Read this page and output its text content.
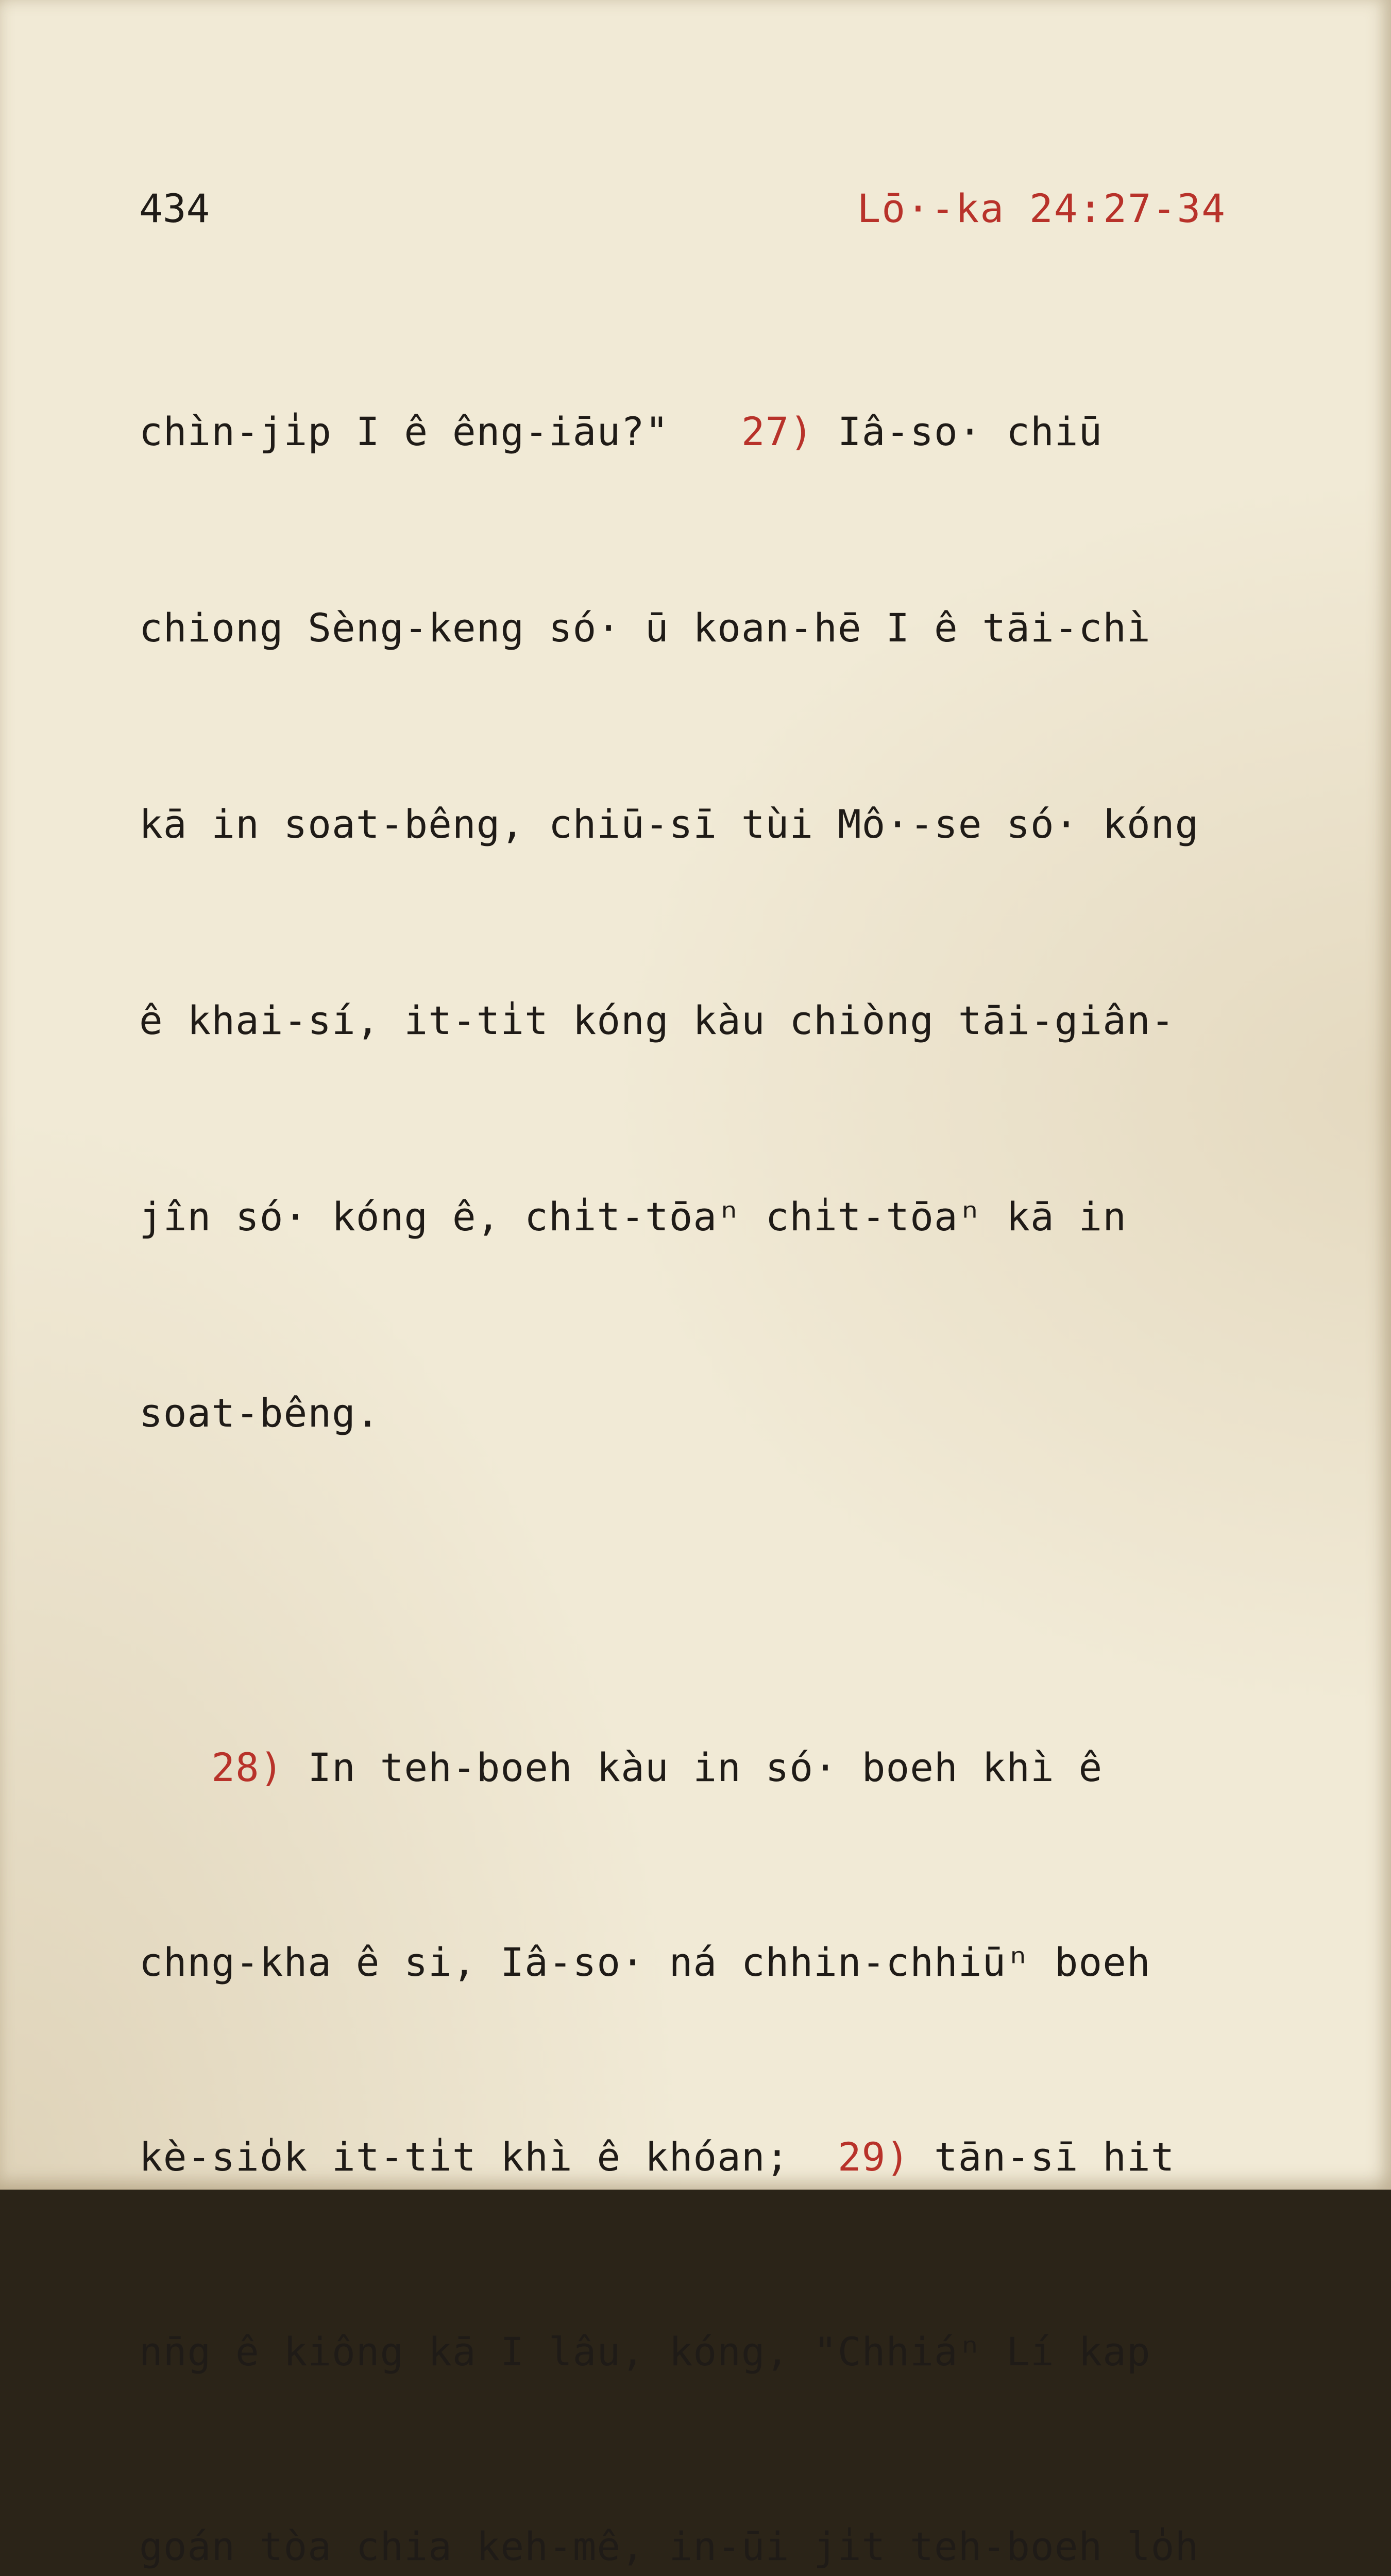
434	Lō·-ka 24:27-34

chìn-ji̍p I ê êng-iāu?"   27) Iâ-so· chiū

chiong Sèng-keng só· ū koan-hē I ê tāi-chì

kā in soat-bêng, chiū-sī tùi Mô·-se só· kóng

ê khai-sí, it-ti̍t kóng kàu chiòng tāi-giân-

jîn só· kóng ê, chi̍t-tōaⁿ chi̍t-tōaⁿ kā in

soat-bêng.

28) In teh-boeh kàu in só· boeh khì ê

chng-kha ê si, Iâ-so· ná chhin-chhiūⁿ boeh

kè-sio̍k it-ti̍t khì ê khóan;  29) tān-sī hit

nn̄g ê kiông kā I lâu, kóng, "Chhiáⁿ Lí kap

goán tòa chia keh-mê, in-ūi ji̍t teh-boeh lo̍h
